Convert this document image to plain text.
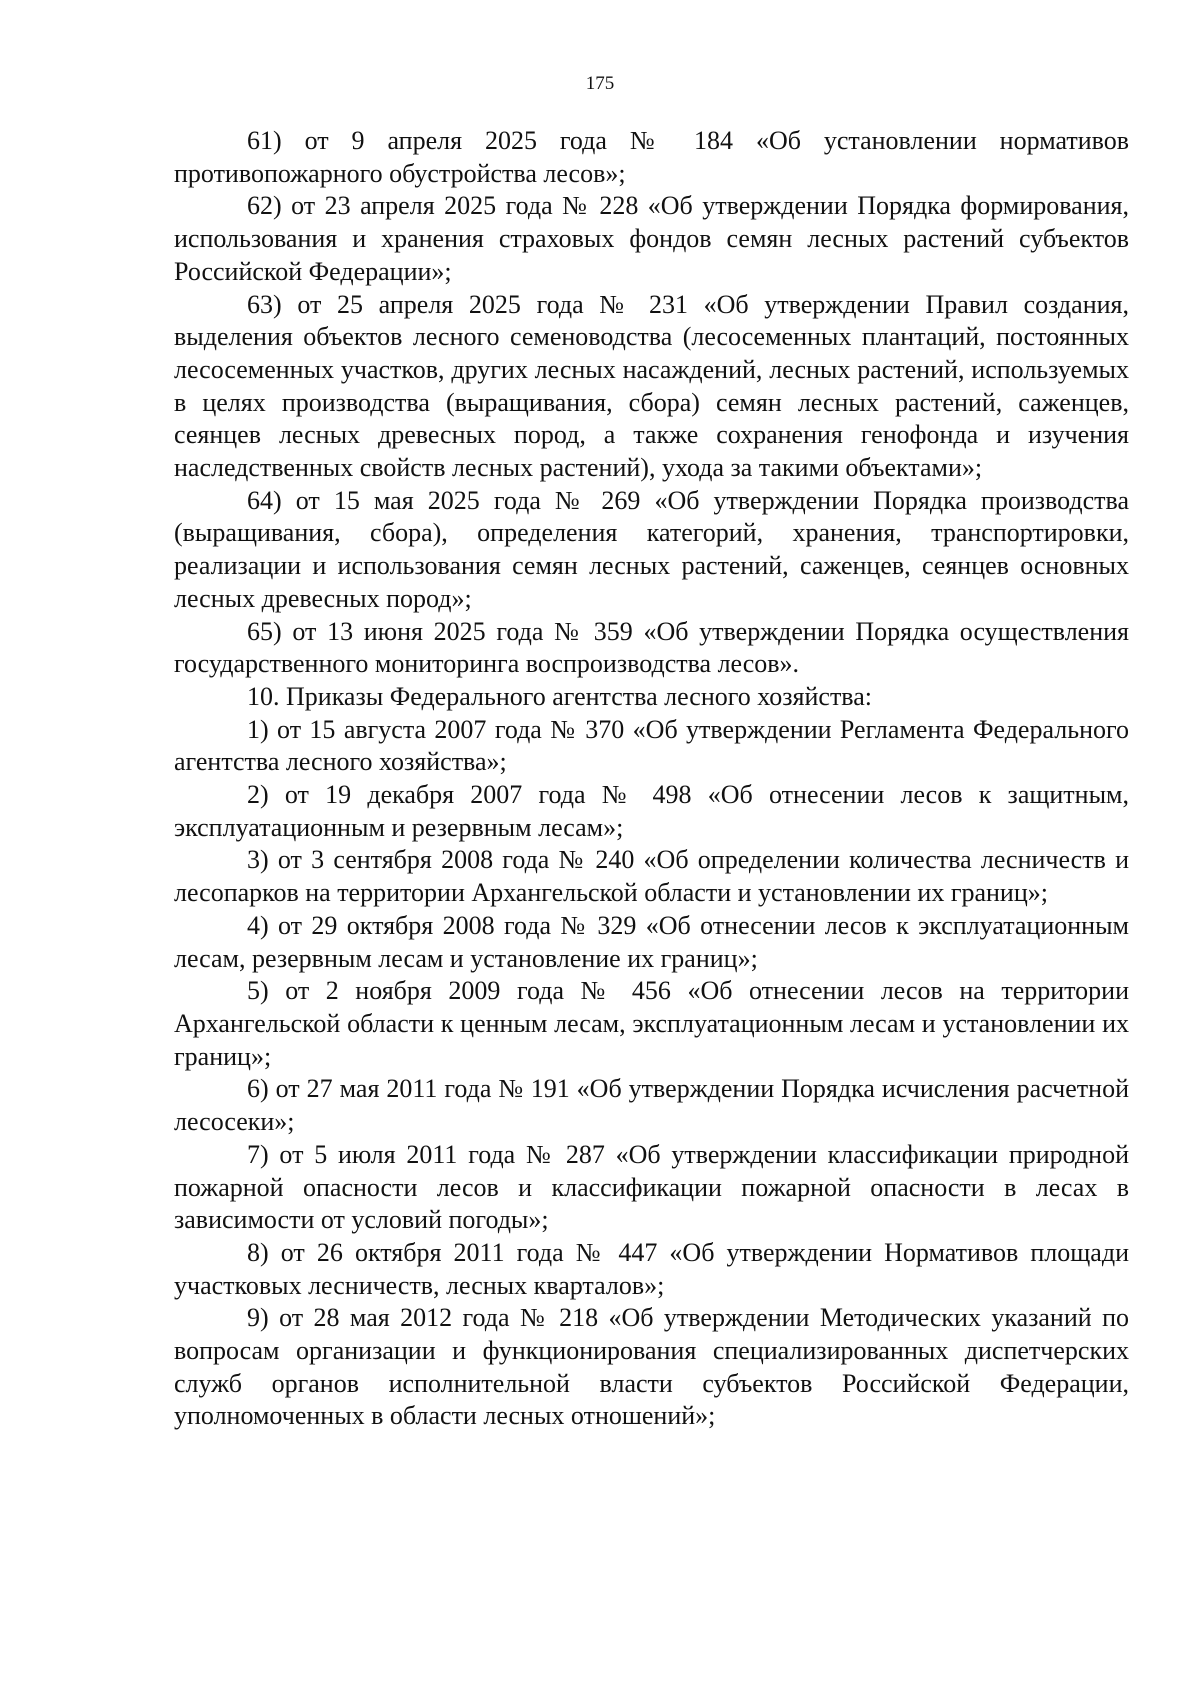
175

61) от 9 апреля 2025 года № 184 «Об установлении нормативов противопожарного обустройства лесов»;

62) от 23 апреля 2025 года № 228 «Об утверждении Порядка формирования, использования и хранения страховых фондов семян лесных растений субъектов Российской Федерации»;

63) от 25 апреля 2025 года № 231 «Об утверждении Правил создания, выделения объектов лесного семеноводства (лесосеменных плантаций, постоянных лесосеменных участков, других лесных насаждений, лесных растений, используемых в целях производства (выращивания, сбора) семян лесных растений, саженцев, сеянцев лесных древесных пород, а также сохранения генофонда и изучения наследственных свойств лесных растений), ухода за такими объектами»;

64) от 15 мая 2025 года № 269 «Об утверждении Порядка производства (выращивания, сбора), определения категорий, хранения, транспортировки, реализации и использования семян лесных растений, саженцев, сеянцев основных лесных древесных пород»;

65) от 13 июня 2025 года № 359 «Об утверждении Порядка осуществления государственного мониторинга воспроизводства лесов».

10. Приказы Федерального агентства лесного хозяйства:

1) от 15 августа 2007 года № 370 «Об утверждении Регламента Федерального агентства лесного хозяйства»;

2) от 19 декабря 2007 года № 498 «Об отнесении лесов к защитным, эксплуатационным и резервным лесам»;

3) от 3 сентября 2008 года № 240 «Об определении количества лесничеств и лесопарков на территории Архангельской области и установлении их границ»;

4) от 29 октября 2008 года № 329 «Об отнесении лесов к эксплуатационным лесам, резервным лесам и установление их границ»;

5) от 2 ноября 2009 года № 456 «Об отнесении лесов на территории Архангельской области к ценным лесам, эксплуатационным лесам и установлении их границ»;

6) от 27 мая 2011 года № 191 «Об утверждении Порядка исчисления расчетной лесосеки»;

7) от 5 июля 2011 года № 287 «Об утверждении классификации природной пожарной опасности лесов и классификации пожарной опасности в лесах в зависимости от условий погоды»;

8) от 26 октября 2011 года № 447 «Об утверждении Нормативов площади участковых лесничеств, лесных кварталов»;

9) от 28 мая 2012 года № 218 «Об утверждении Методических указаний по вопросам организации и функционирования специализированных диспетчерских служб органов исполнительной власти субъектов Российской Федерации, уполномоченных в области лесных отношений»;
